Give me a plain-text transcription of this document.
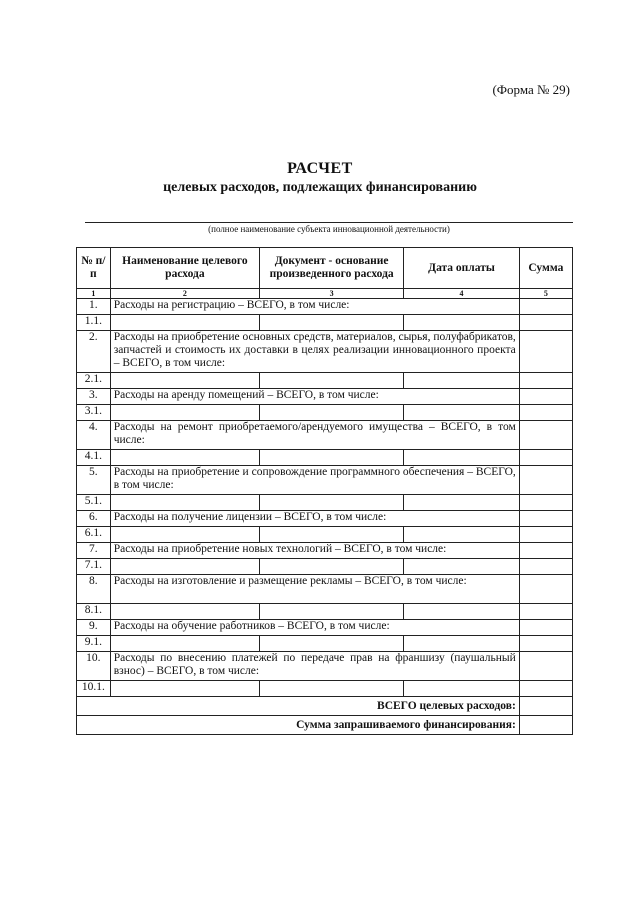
(Форма № 29)
РАСЧЕТ
целевых расходов, подлежащих финансированию
(полное наименование субъекта инновационной деятельности)
№ п/п	Наименование целевого расхода	Документ - основание произведенного расхода	Дата оплаты	Сумма
1	2	3	4	5
1.	Расходы на регистрацию – ВСЕГО, в том числе:			
1.1.				
2.	Расходы на приобретение основных средств, материалов, сырья, полуфабрикатов, запчастей и стоимость их доставки в целях реализации инновационного проекта – ВСЕГО, в том числе:			
2.1.				
3.	Расходы на аренду помещений – ВСЕГО, в том числе:			
3.1.				
4.	Расходы на ремонт приобретаемого/арендуемого имущества – ВСЕГО, в том числе:			
4.1.				
5.	Расходы на приобретение и сопровождение программного обеспечения – ВСЕГО, в том числе:			
5.1.				
6.	Расходы на получение лицензии – ВСЕГО, в том числе:			
6.1.				
7.	Расходы на приобретение новых технологий – ВСЕГО, в том числе:			
7.1.				
8.	Расходы на изготовление и размещение рекламы – ВСЕГО, в том числе:			
8.1.				
9.	Расходы на обучение работников – ВСЕГО, в том числе:			
9.1.				
10.	Расходы по внесению платежей по передаче прав на франшизу (паушальный взнос) – ВСЕГО, в том числе:			
10.1.				
ВСЕГО целевых расходов:				
Сумма запрашиваемого финансирования:				
